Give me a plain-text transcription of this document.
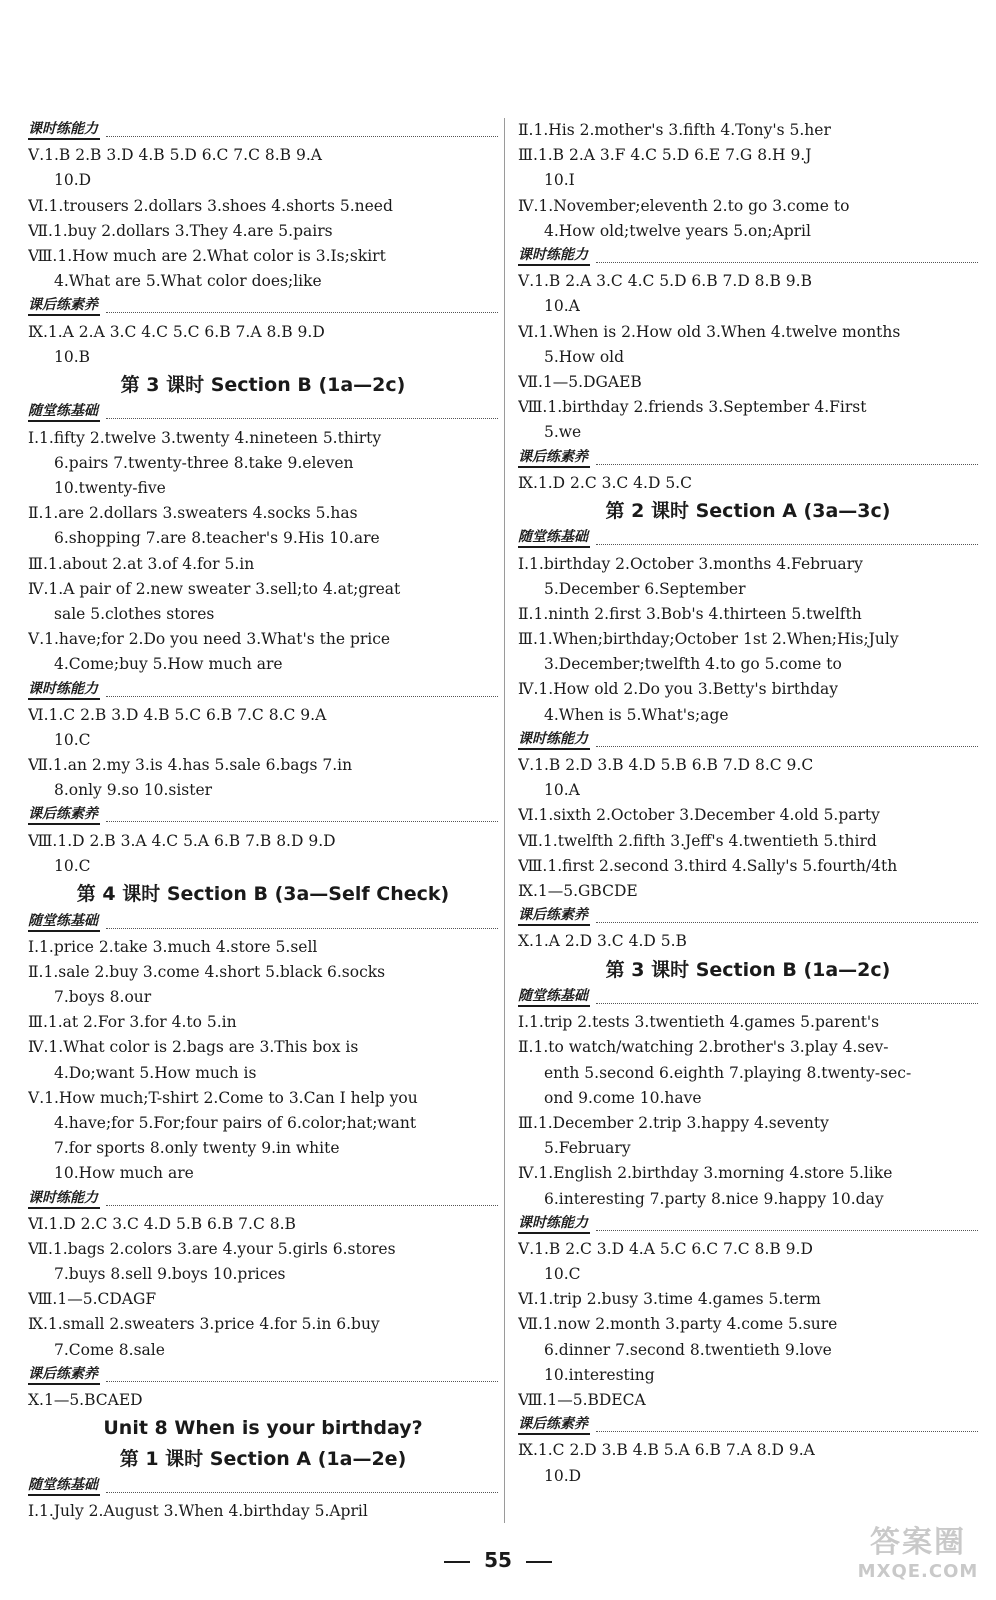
课时练能力
Ⅴ.1.B 2.B 3.D 4.B 5.D 6.C 7.C 8.B 9.A
10.D
Ⅵ.1.trousers 2.dollars 3.shoes 4.shorts 5.need
Ⅶ.1.buy 2.dollars 3.They 4.are 5.pairs
Ⅷ.1.How much are 2.What color is 3.Is;skirt
4.What are 5.What color does;like
课后练素养
Ⅸ.1.A 2.A 3.C 4.C 5.C 6.B 7.A 8.B 9.D
10.B
第 3 课时 Section B (1a—2c)
随堂练基础
Ⅰ.1.fifty 2.twelve 3.twenty 4.nineteen 5.thirty
6.pairs 7.twenty-three 8.take 9.eleven
10.twenty-five
Ⅱ.1.are 2.dollars 3.sweaters 4.socks 5.has
6.shopping 7.are 8.teacher's 9.His 10.are
Ⅲ.1.about 2.at 3.of 4.for 5.in
Ⅳ.1.A pair of 2.new sweater 3.sell;to 4.at;great
sale 5.clothes stores
Ⅴ.1.have;for 2.Do you need 3.What's the price
4.Come;buy 5.How much are
课时练能力
Ⅵ.1.C 2.B 3.D 4.B 5.C 6.B 7.C 8.C 9.A
10.C
Ⅶ.1.an 2.my 3.is 4.has 5.sale 6.bags 7.in
8.only 9.so 10.sister
课后练素养
Ⅷ.1.D 2.B 3.A 4.C 5.A 6.B 7.B 8.D 9.D
10.C
第 4 课时 Section B (3a—Self Check)
随堂练基础
Ⅰ.1.price 2.take 3.much 4.store 5.sell
Ⅱ.1.sale 2.buy 3.come 4.short 5.black 6.socks
7.boys 8.our
Ⅲ.1.at 2.For 3.for 4.to 5.in
Ⅳ.1.What color is 2.bags are 3.This box is
4.Do;want 5.How much is
Ⅴ.1.How much;T-shirt 2.Come to 3.Can I help you
4.have;for 5.For;four pairs of 6.color;hat;want
7.for sports 8.only twenty 9.in white
10.How much are
课时练能力
Ⅵ.1.D 2.C 3.C 4.D 5.B 6.B 7.C 8.B
Ⅶ.1.bags 2.colors 3.are 4.your 5.girls 6.stores
7.buys 8.sell 9.boys 10.prices
Ⅷ.1—5.CDAGF
Ⅸ.1.small 2.sweaters 3.price 4.for 5.in 6.buy
7.Come 8.sale
课后练素养
Ⅹ.1—5.BCAED
Unit 8 When is your birthday?
第 1 课时 Section A (1a—2e)
随堂练基础
Ⅰ.1.July 2.August 3.When 4.birthday 5.April
Ⅱ.1.His 2.mother's 3.fifth 4.Tony's 5.her
Ⅲ.1.B 2.A 3.F 4.C 5.D 6.E 7.G 8.H 9.J
10.I
Ⅳ.1.November;eleventh 2.to go 3.come to
4.How old;twelve years 5.on;April
课时练能力
Ⅴ.1.B 2.A 3.C 4.C 5.D 6.B 7.D 8.B 9.B
10.A
Ⅵ.1.When is 2.How old 3.When 4.twelve months
5.How old
Ⅶ.1—5.DGAEB
Ⅷ.1.birthday 2.friends 3.September 4.First
5.we
课后练素养
Ⅸ.1.D 2.C 3.C 4.D 5.C
第 2 课时 Section A (3a—3c)
随堂练基础
Ⅰ.1.birthday 2.October 3.months 4.February
5.December 6.September
Ⅱ.1.ninth 2.first 3.Bob's 4.thirteen 5.twelfth
Ⅲ.1.When;birthday;October 1st 2.When;His;July
3.December;twelfth 4.to go 5.come to
Ⅳ.1.How old 2.Do you 3.Betty's birthday
4.When is 5.What's;age
课时练能力
Ⅴ.1.B 2.D 3.B 4.D 5.B 6.B 7.D 8.C 9.C
10.A
Ⅵ.1.sixth 2.October 3.December 4.old 5.party
Ⅶ.1.twelfth 2.fifth 3.Jeff's 4.twentieth 5.third
Ⅷ.1.first 2.second 3.third 4.Sally's 5.fourth/4th
Ⅸ.1—5.GBCDE
课后练素养
Ⅹ.1.A 2.D 3.C 4.D 5.B
第 3 课时 Section B (1a—2c)
随堂练基础
Ⅰ.1.trip 2.tests 3.twentieth 4.games 5.parent's
Ⅱ.1.to watch/watching 2.brother's 3.play 4.sev-
enth 5.second 6.eighth 7.playing 8.twenty-sec-
ond 9.come 10.have
Ⅲ.1.December 2.trip 3.happy 4.seventy
5.February
Ⅳ.1.English 2.birthday 3.morning 4.store 5.like
6.interesting 7.party 8.nice 9.happy 10.day
课时练能力
Ⅴ.1.B 2.C 3.D 4.A 5.C 6.C 7.C 8.B 9.D
10.C
Ⅵ.1.trip 2.busy 3.time 4.games 5.term
Ⅶ.1.now 2.month 3.party 4.come 5.sure
6.dinner 7.second 8.twentieth 9.love
10.interesting
Ⅷ.1—5.BDECA
课后练素养
Ⅸ.1.C 2.D 3.B 4.B 5.A 6.B 7.A 8.D 9.A
10.D
55
答案圈
MXQE.COM
